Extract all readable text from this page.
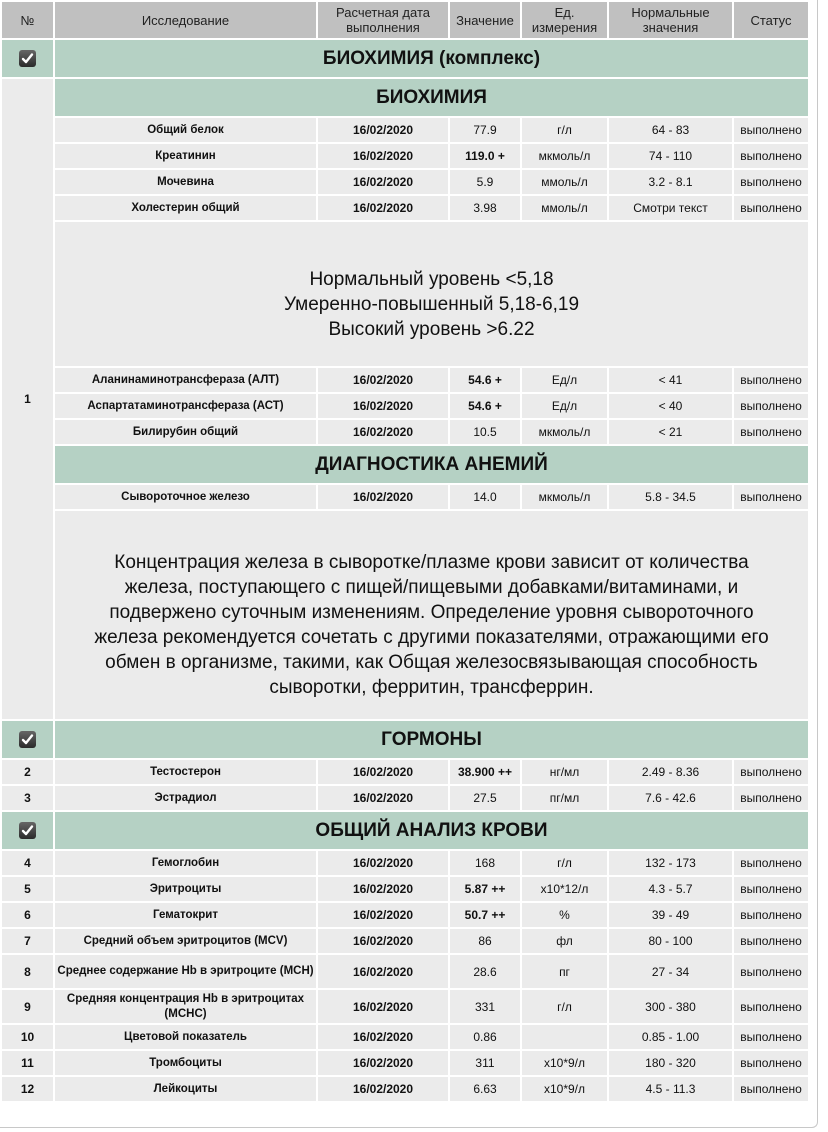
№	Исследование	Расчетная дата выполнения	Значение	Ед. измерения	Нормальные значения	Статус

	БИОХИМИЯ (комплекс)					
1	БИОХИМИЯ					
	Общий белок	16/02/2020	77.9	г/л	64 - 83	выполнено
	Креатинин	16/02/2020	119.0 +	мкмоль/л	74 - 110	выполнено
	Мочевина	16/02/2020	5.9	ммоль/л	3.2 - 8.1	выполнено
	Холестерин общий	16/02/2020	3.98	ммоль/л	Смотри текст	выполнено

	Нормальный уровень <5,18
Умеренно-повышенный 5,18-6,19
Высокий уровень >6.22					

	Аланинаминотрансфераза (АЛТ)	16/02/2020	54.6 +	Ед/л	< 41	выполнено
	Аспартатаминотрансфераза (АСТ)	16/02/2020	54.6 +	Ед/л	< 40	выполнено
	Билирубин общий	16/02/2020	10.5	мкмоль/л	< 21	выполнено
	ДИАГНОСТИКА АНЕМИЙ					
	Сывороточное железо	16/02/2020	14.0	мкмоль/л	5.8 - 34.5	выполнено

	Концентрация железа в сыворотке/плазме крови зависит от количества железа, поступающего с пищей/пищевыми добавками/витаминами, и подвержено суточным изменениям. Определение уровня сывороточного железа рекомендуется сочетать с другими показателями, отражающими его обмен в организме, такими, как Общая железосвязывающая способность сыворотки, ферритин, трансферрин.					

	ГОРМОНЫ					
2	Тестостерон	16/02/2020	38.900 ++	нг/мл	2.49 - 8.36	выполнено
3	Эстрадиол	16/02/2020	27.5	пг/мл	7.6 - 42.6	выполнено

	ОБЩИЙ АНАЛИЗ КРОВИ					
4	Гемоглобин	16/02/2020	168	г/л	132 - 173	выполнено
5	Эритроциты	16/02/2020	5.87 ++	x10*12/л	4.3 - 5.7	выполнено
6	Гематокрит	16/02/2020	50.7 ++	%	39 - 49	выполнено
7	Средний объем эритроцитов (MCV)	16/02/2020	86	фл	80 - 100	выполнено
8	Среднее содержание Hb в эритроците (MCH)	16/02/2020	28.6	пг	27 - 34	выполнено
9	Средняя концентрация Hb в эритроцитах (MCHC)	16/02/2020	331	г/л	300 - 380	выполнено
10	Цветовой показатель	16/02/2020	0.86		0.85 - 1.00	выполнено
11	Тромбоциты	16/02/2020	311	x10*9/л	180 - 320	выполнено
12	Лейкоциты	16/02/2020	6.63	x10*9/л	4.5 - 11.3	выполнено
